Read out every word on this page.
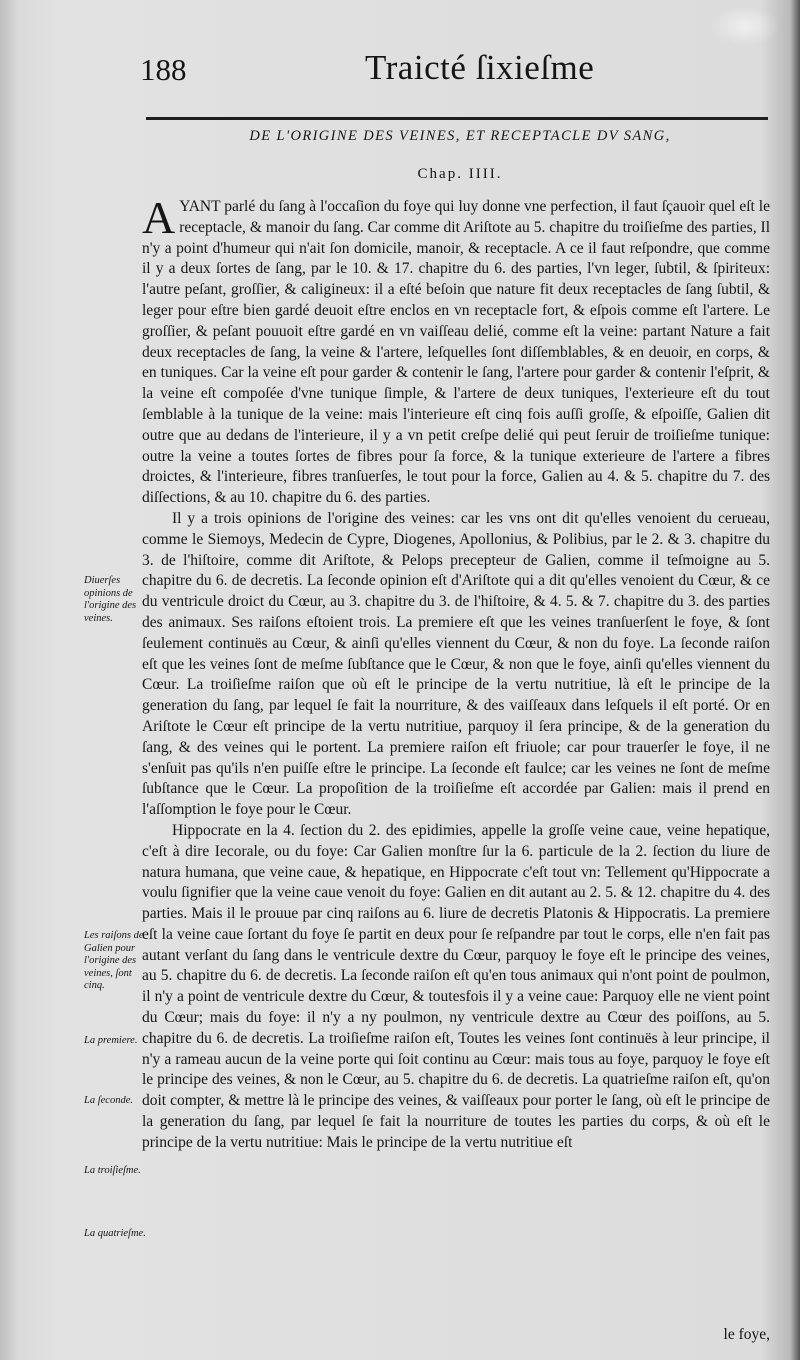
188	Traicté ſixieſme
DE L'ORIGINE DES VEINES, ET RECEPTACLE DV SANG,
Chap. IIII.
Diuerſes opinions de l'origine des veines.
Les raiſons de Galien pour l'origine des veines, ſont cinq.
La premiere.
La ſeconde.
La troiſieſme.
La quatrieſme.

AYANT parlé du ſang à l'occaſion du foye qui luy donne vne perfection, il faut ſçauoir quel eſt le receptacle, & manoir du ſang. Car comme dit Ariſtote au 5. chapitre du troiſieſme des parties, Il n'y a point d'humeur qui n'ait ſon domicile, manoir, & receptacle. A ce il faut reſpondre, que comme il y a deux ſortes de ſang, par le 10. & 17. chapitre du 6. des parties, l'vn leger, ſubtil, & ſpiriteux: l'autre peſant, groſſier, & caligineux: il a eſté beſoin que nature fit deux receptacles de ſang ſubtil, & leger pour eſtre bien gardé deuoit eſtre enclos en vn receptacle fort, & eſpois comme eſt l'artere. Le groſſier, & peſant pouuoit eſtre gardé en vn vaiſſeau delié, comme eſt la veine: partant Nature a fait deux receptacles de ſang, la veine & l'artere, leſquelles ſont diſſemblables, & en deuoir, en corps, & en tuniques. Car la veine eſt pour garder & contenir le ſang, l'artere pour garder & contenir l'eſprit, & la veine eſt compoſée d'vne tunique ſimple, & l'artere de deux tuniques, l'exterieure eſt du tout ſemblable à la tunique de la veine: mais l'interieure eſt cinq fois auſſi groſſe, & eſpoiſſe, Galien dit outre que au dedans de l'interieure, il y a vn petit creſpe delié qui peut ſeruir de troiſieſme tunique: outre la veine a toutes ſortes de fibres pour ſa force, & la tunique exterieure de l'artere a fibres droictes, & l'interieure, fibres tranſuerſes, le tout pour la force, Galien au 4. & 5. chapitre du 7. des diſſections, & au 10. chapitre du 6. des parties.

Il y a trois opinions de l'origine des veines: car les vns ont dit qu'elles venoient du cerueau, comme le Siemoys, Medecin de Cypre, Diogenes, Apollonius, & Polibius, par le 2. & 3. chapitre du 3. de l'hiſtoire, comme dit Ariſtote, & Pelops precepteur de Galien, comme il teſmoigne au 5. chapitre du 6. de decretis. La ſeconde opinion eſt d'Ariſtote qui a dit qu'elles venoient du Cœur, & ce du ventricule droict du Cœur, au 3. chapitre du 3. de l'hiſtoire, & 4. 5. & 7. chapitre du 3. des parties des animaux. Ses raiſons eſtoient trois. La premiere eſt que les veines tranſuerſent le foye, & ſont ſeulement continuës au Cœur, & ainſi qu'elles viennent du Cœur, & non du foye. La ſeconde raiſon eſt que les veines ſont de meſme ſubſtance que le Cœur, & non que le foye, ainſi qu'elles viennent du Cœur. La troiſieſme raiſon que où eſt le principe de la vertu nutritiue, là eſt le principe de la generation du ſang, par lequel ſe fait la nourriture, & des vaiſſeaux dans leſquels il eſt porté. Or en Ariſtote le Cœur eſt principe de la vertu nutritiue, parquoy il ſera principe, & de la generation du ſang, & des veines qui le portent. La premiere raiſon eſt friuole; car pour trauerſer le foye, il ne s'enſuit pas qu'ils n'en puiſſe eſtre le principe. La ſeconde eſt faulce; car les veines ne ſont de meſme ſubſtance que le Cœur. La propoſition de la troiſieſme eſt accordée par Galien: mais il prend en l'aſſomption le foye pour le Cœur.

Hippocrate en la 4. ſection du 2. des epidimies, appelle la groſſe veine caue, veine hepatique, c'eſt à dire Iecorale, ou du foye: Car Galien monſtre ſur la 6. particule de la 2. ſection du liure de natura humana, que veine caue, & hepatique, en Hippocrate c'eſt tout vn: Tellement qu'Hippocrate a voulu ſignifier que la veine caue venoit du foye: Galien en dit autant au 2. 5. & 12. chapitre du 4. des parties. Mais il le prouue par cinq raiſons au 6. liure de decretis Platonis & Hippocratis. La premiere eſt la veine caue ſortant du foye ſe partit en deux pour ſe reſpandre par tout le corps, elle n'en fait pas autant verſant du ſang dans le ventricule dextre du Cœur, parquoy le foye eſt le principe des veines, au 5. chapitre du 6. de decretis. La ſeconde raiſon eſt qu'en tous animaux qui n'ont point de poulmon, il n'y a point de ventricule dextre du Cœur, & toutesfois il y a veine caue: Parquoy elle ne vient point du Cœur; mais du foye: il n'y a ny poulmon, ny ventricule dextre au Cœur des poiſſons, au 5. chapitre du 6. de decretis. La troiſieſme raiſon eſt, Toutes les veines ſont continuës à leur principe, il n'y a rameau aucun de la veine porte qui ſoit continu au Cœur: mais tous au foye, parquoy le foye eſt le principe des veines, & non le Cœur, au 5. chapitre du 6. de decretis. La quatrieſme raiſon eſt, qu'on doit compter, & mettre là le principe des veines, & vaiſſeaux pour porter le ſang, où eſt le principe de la generation du ſang, par lequel ſe fait la nourriture de toutes les parties du corps, & où eſt le principe de la vertu nutritiue: Mais le principe de la vertu nutritiue eſt

le foye,
